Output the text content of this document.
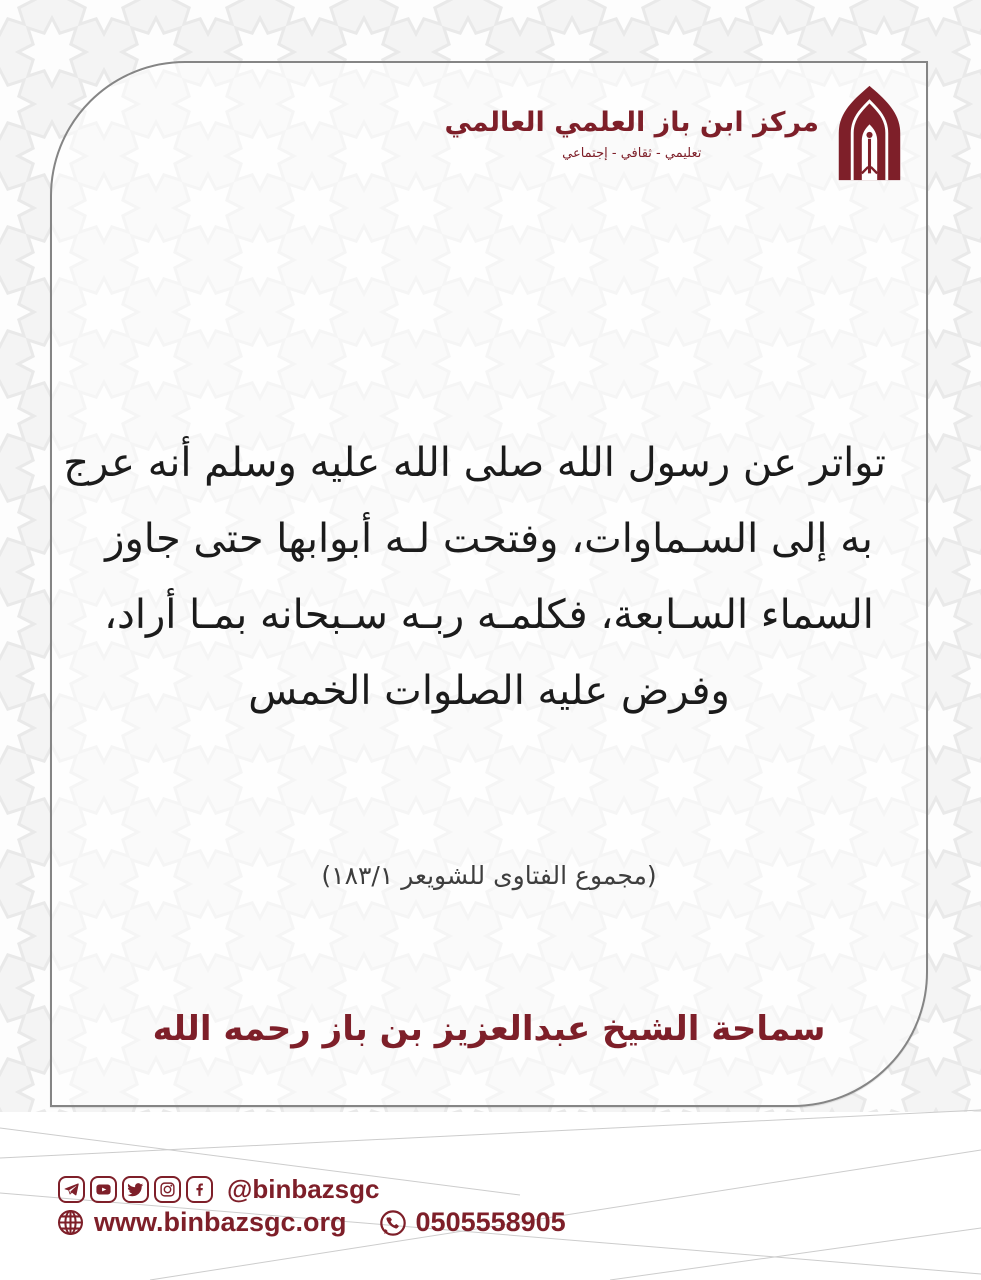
مركز ابن باز العلمي العالمي
تعليمي - ثقافي - إجتماعي
تواتر عن رسول الله صلى الله عليه وسلم أنه عرج
به إلى السـماوات، وفتحت لـه أبوابها حتى جاوز
السماء السـابعة، فكلمـه ربـه سـبحانه بمـا أراد،
وفرض عليه الصلوات الخمس
(مجموع الفتاوى للشويعر ١٨٣/١)
سماحة الشيخ عبدالعزيز بن باز رحمه الله
@binbazsgc
www.binbazsgc.org	0505558905
